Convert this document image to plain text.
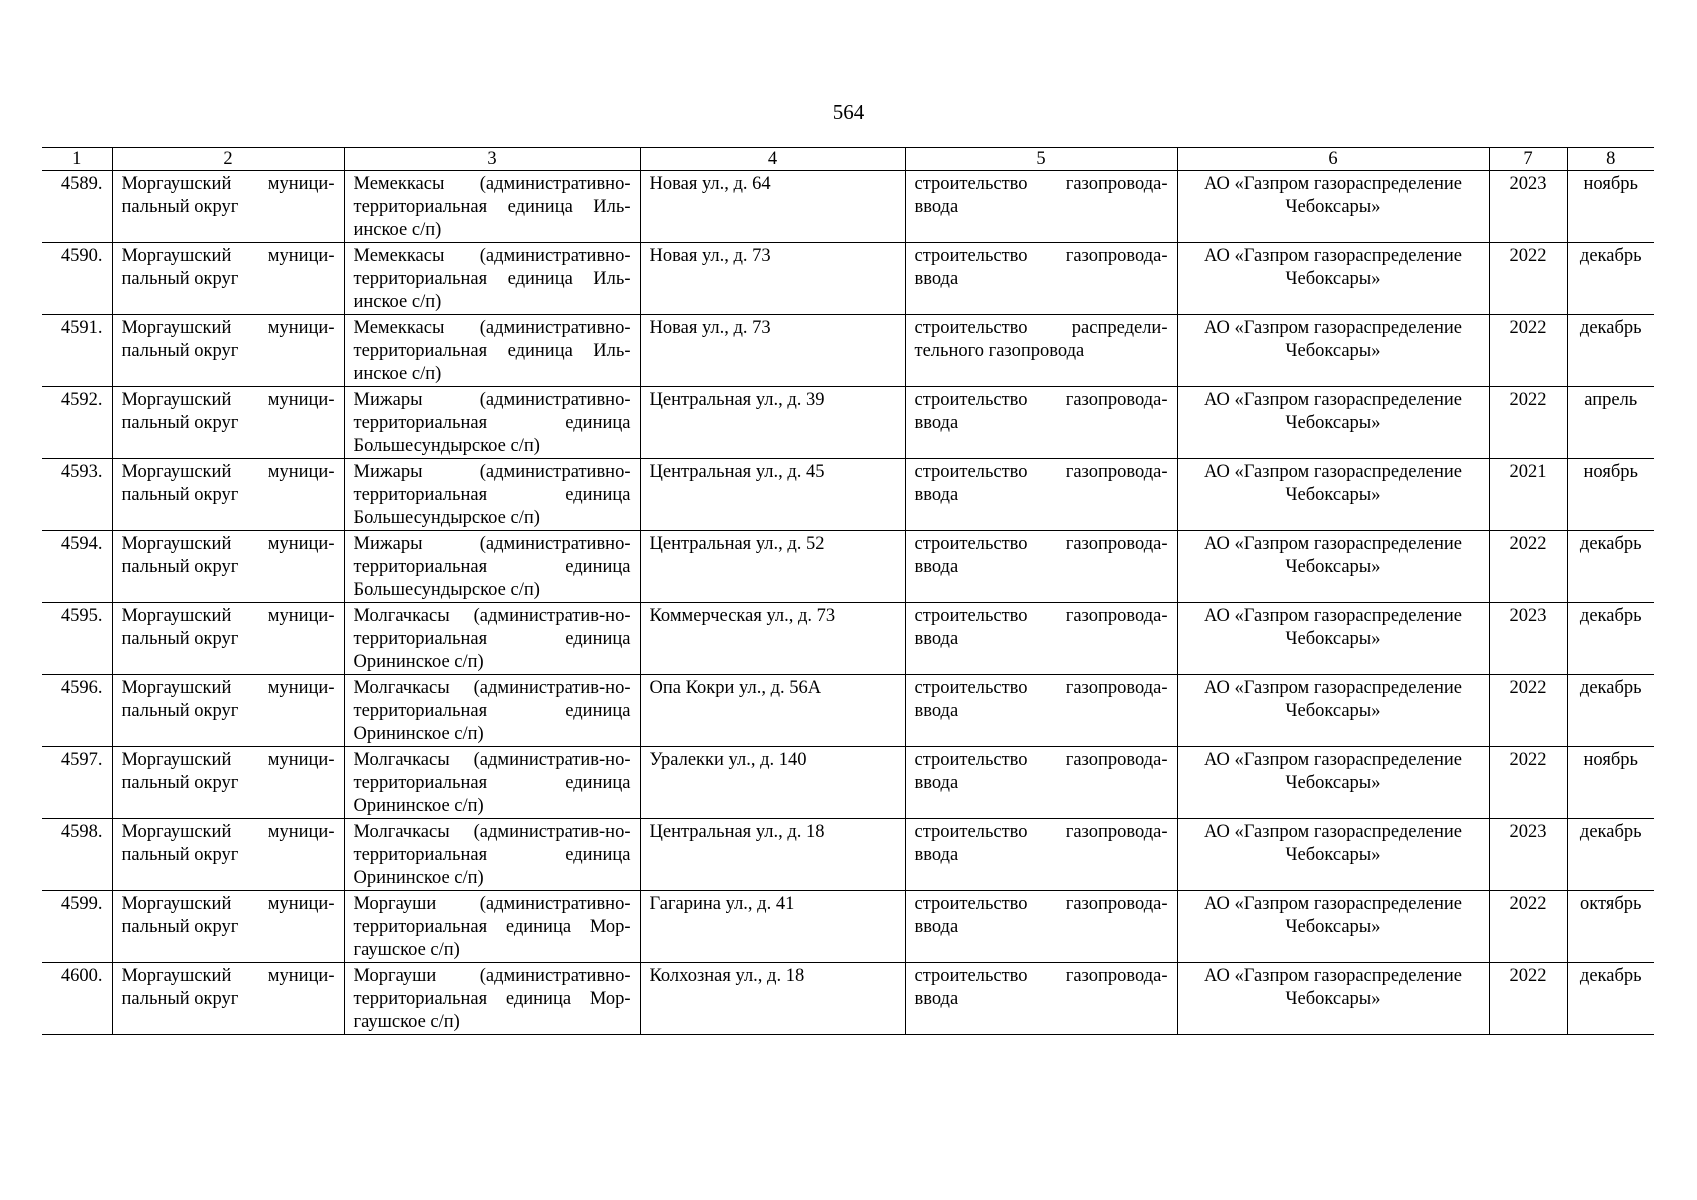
564
1	2	3	4	5	6	7	8
4589.	Моргаушский муници-пальный округ	Мемеккасы (административно-территориальная единица Иль-инское с/п)	Новая ул., д. 64	строительство газопровода-ввода	АО «Газпром газораспределение Чебоксары»	2023	ноябрь
4590.	Моргаушский муници-пальный округ	Мемеккасы (административно-территориальная единица Иль-инское с/п)	Новая ул., д. 73	строительство газопровода-ввода	АО «Газпром газораспределение Чебоксары»	2022	декабрь
4591.	Моргаушский муници-пальный округ	Мемеккасы (административно-территориальная единица Иль-инское с/п)	Новая ул., д. 73	строительство распредели-тельного газопровода	АО «Газпром газораспределение Чебоксары»	2022	декабрь
4592.	Моргаушский муници-пальный округ	Мижары (административно-территориальная единица Большесундырское с/п)	Центральная ул., д. 39	строительство газопровода-ввода	АО «Газпром газораспределение Чебоксары»	2022	апрель
4593.	Моргаушский муници-пальный округ	Мижары (административно-территориальная единица Большесундырское с/п)	Центральная ул., д. 45	строительство газопровода-ввода	АО «Газпром газораспределение Чебоксары»	2021	ноябрь
4594.	Моргаушский муници-пальный округ	Мижары (административно-территориальная единица Большесундырское с/п)	Центральная ул., д. 52	строительство газопровода-ввода	АО «Газпром газораспределение Чебоксары»	2022	декабрь
4595.	Моргаушский муници-пальный округ	Молгачкасы (административ-но-территориальная единица Орининское с/п)	Коммерческая ул., д. 73	строительство газопровода-ввода	АО «Газпром газораспределение Чебоксары»	2023	декабрь
4596.	Моргаушский муници-пальный округ	Молгачкасы (административ-но-территориальная единица Орининское с/п)	Опа Кокри ул., д. 56А	строительство газопровода-ввода	АО «Газпром газораспределение Чебоксары»	2022	декабрь
4597.	Моргаушский муници-пальный округ	Молгачкасы (административ-но-территориальная единица Орининское с/п)	Уралекки ул., д. 140	строительство газопровода-ввода	АО «Газпром газораспределение Чебоксары»	2022	ноябрь
4598.	Моргаушский муници-пальный округ	Молгачкасы (административ-но-территориальная единица Орининское с/п)	Центральная ул., д. 18	строительство газопровода-ввода	АО «Газпром газораспределение Чебоксары»	2023	декабрь
4599.	Моргаушский муници-пальный округ	Моргауши (административно-территориальная единица Мор-гаушское с/п)	Гагарина ул., д. 41	строительство газопровода-ввода	АО «Газпром газораспределение Чебоксары»	2022	октябрь
4600.	Моргаушский муници-пальный округ	Моргауши (административно-территориальная единица Мор-гаушское с/п)	Колхозная ул., д. 18	строительство газопровода-ввода	АО «Газпром газораспределение Чебоксары»	2022	декабрь
